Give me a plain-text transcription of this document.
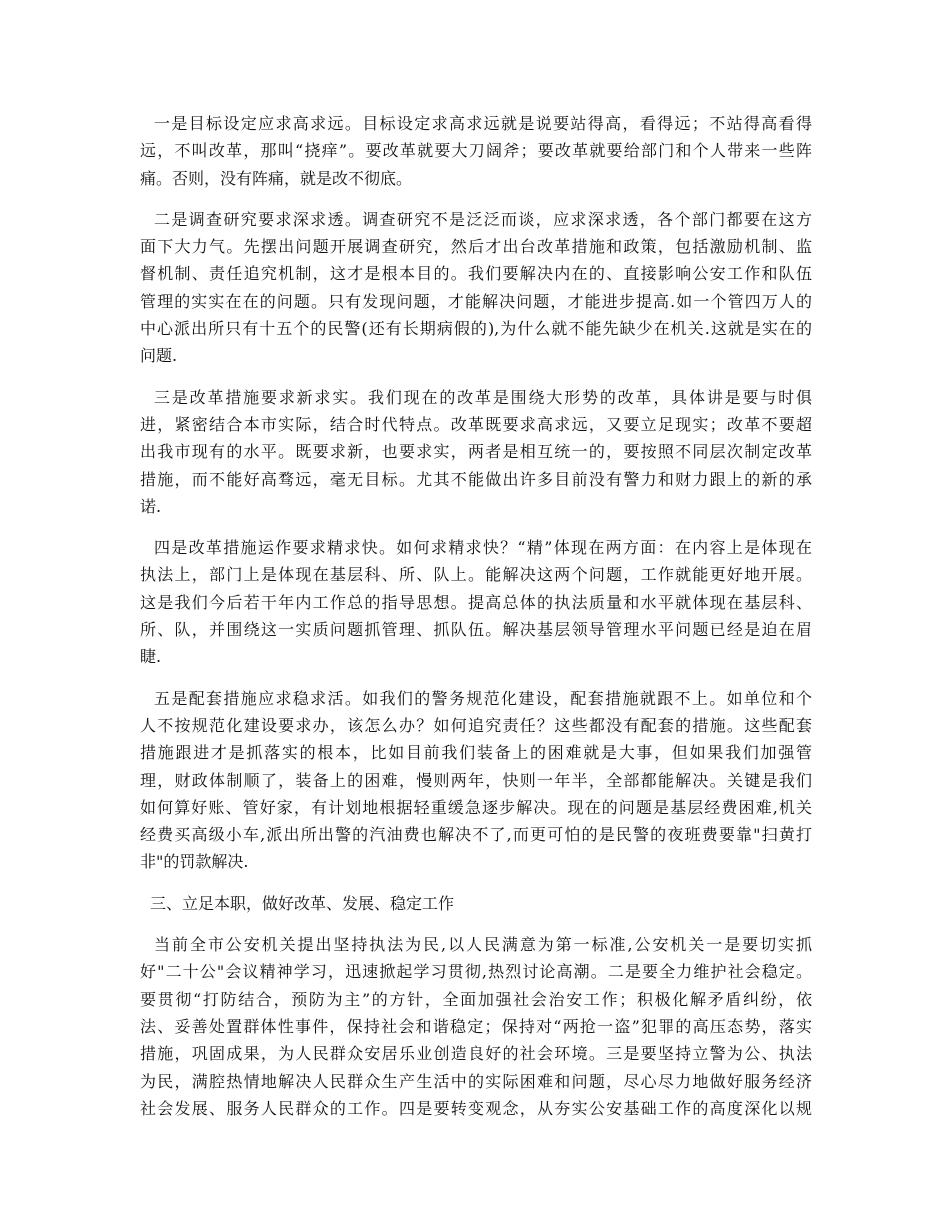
一是目标设定应求高求远。目标设定求高求远就是说要站得高，看得远；不站得高看得
远，不叫改革，那叫“挠痒”。要改革就要大刀阔斧；要改革就要给部门和个人带来一些阵
痛。否则，没有阵痛，就是改不彻底。
二是调查研究要求深求透。调查研究不是泛泛而谈，应求深求透，各个部门都要在这方
面下大力气。先摆出问题开展调查研究，然后才出台改革措施和政策，包括激励机制、监
督机制、责任追究机制，这才是根本目的。我们要解决内在的、直接影响公安工作和队伍
管理的实实在在的问题。只有发现问题，才能解决问题，才能进步提高.如一个管四万人的
中心派出所只有十五个的民警(还有长期病假的),为什么就不能先缺少在机关.这就是实在的
问题.
三是改革措施要求新求实。我们现在的改革是围绕大形势的改革，具体讲是要与时俱
进，紧密结合本市实际，结合时代特点。改革既要求高求远，又要立足现实；改革不要超
出我市现有的水平。既要求新，也要求实，两者是相互统一的，要按照不同层次制定改革
措施，而不能好高骛远，毫无目标。尤其不能做出许多目前没有警力和财力跟上的新的承
诺.
四是改革措施运作要求精求快。如何求精求快？“精”体现在两方面：在内容上是体现在
执法上，部门上是体现在基层科、所、队上。能解决这两个问题，工作就能更好地开展。
这是我们今后若干年内工作总的指导思想。提高总体的执法质量和水平就体现在基层科、
所、队，并围绕这一实质问题抓管理、抓队伍。解决基层领导管理水平问题已经是迫在眉
睫.
五是配套措施应求稳求活。如我们的警务规范化建设，配套措施就跟不上。如单位和个
人不按规范化建设要求办，该怎么办？如何追究责任？这些都没有配套的措施。这些配套
措施跟进才是抓落实的根本，比如目前我们装备上的困难就是大事，但如果我们加强管
理，财政体制顺了，装备上的困难，慢则两年，快则一年半，全部都能解决。关键是我们
如何算好账、管好家，有计划地根据轻重缓急逐步解决。现在的问题是基层经费困难,机关
经费买高级小车,派出所出警的汽油费也解决不了,而更可怕的是民警的夜班费要靠"扫黄打
非"的罚款解决.
三、立足本职，做好改革、发展、稳定工作
当前全市公安机关提出坚持执法为民,以人民满意为第一标准,公安机关一是要切实抓
好"二十公"会议精神学习，迅速掀起学习贯彻,热烈讨论高潮。二是要全力维护社会稳定。
要贯彻“打防结合，预防为主”的方针，全面加强社会治安工作；积极化解矛盾纠纷，依
法、妥善处置群体性事件，保持社会和谐稳定；保持对“两抢一盗”犯罪的高压态势，落实
措施，巩固成果，为人民群众安居乐业创造良好的社会环境。三是要坚持立警为公、执法
为民，满腔热情地解决人民群众生产生活中的实际困难和问题，尽心尽力地做好服务经济
社会发展、服务人民群众的工作。四是要转变观念，从夯实公安基础工作的高度深化以规
